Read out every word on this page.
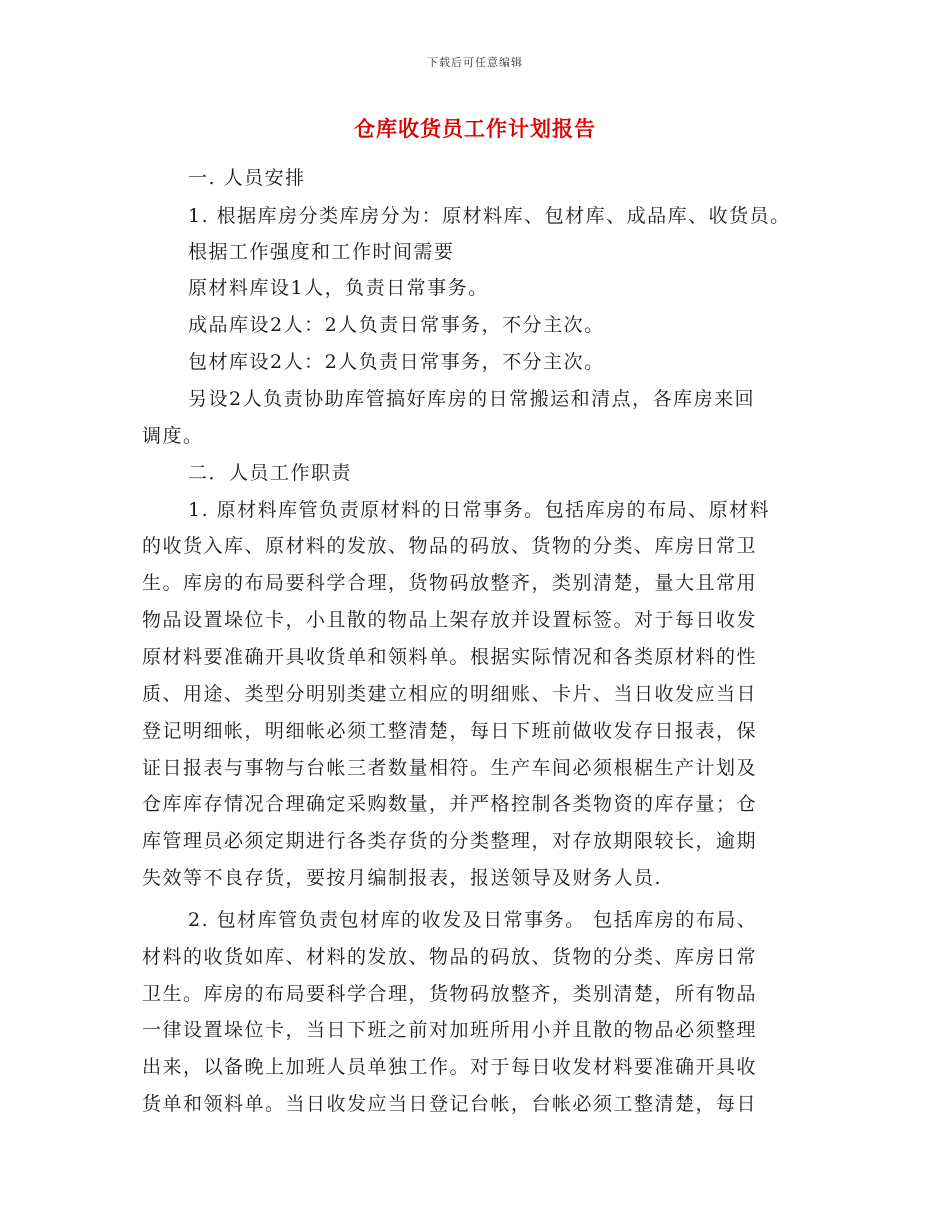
下载后可任意编辑
仓库收货员工作计划报告
一. 人员安排
1. 根据库房分类库房分为：原材料库、包材库、成品库、收货员。
根据工作强度和工作时间需要
原材料库设1人，负责日常事务。
成品库设2人：2人负责日常事务，不分主次。
包材库设2人：2人负责日常事务，不分主次。
另设2人负责协助库管搞好库房的日常搬运和清点，各库房来回
调度。
二．人员工作职责
1. 原材料库管负责原材料的日常事务。包括库房的布局、原材料
的收货入库、原材料的发放、物品的码放、货物的分类、库房日常卫
生。库房的布局要科学合理，货物码放整齐，类别清楚，量大且常用
物品设置垛位卡，小且散的物品上架存放并设置标签。对于每日收发
原材料要准确开具收货单和领料单。根据实际情况和各类原材料的性
质、用途、类型分明别类建立相应的明细账、卡片、当日收发应当日
登记明细帐，明细帐必须工整清楚，每日下班前做收发存日报表，保
证日报表与事物与台帐三者数量相符。生产车间必须根椐生产计划及
仓库库存情况合理确定采购数量，并严格控制各类物资的库存量；仓
库管理员必须定期进行各类存货的分类整理，对存放期限较长，逾期
失效等不良存货，要按月编制报表，报送领导及财务人员.
2. 包材库管负责包材库的收发及日常事务。 包括库房的布局、
材料的收货如库、材料的发放、物品的码放、货物的分类、库房日常
卫生。库房的布局要科学合理，货物码放整齐，类别清楚，所有物品
一律设置垛位卡，当日下班之前对加班所用小并且散的物品必须整理
出来，以备晚上加班人员单独工作。对于每日收发材料要准确开具收
货单和领料单。当日收发应当日登记台帐，台帐必须工整清楚，每日
